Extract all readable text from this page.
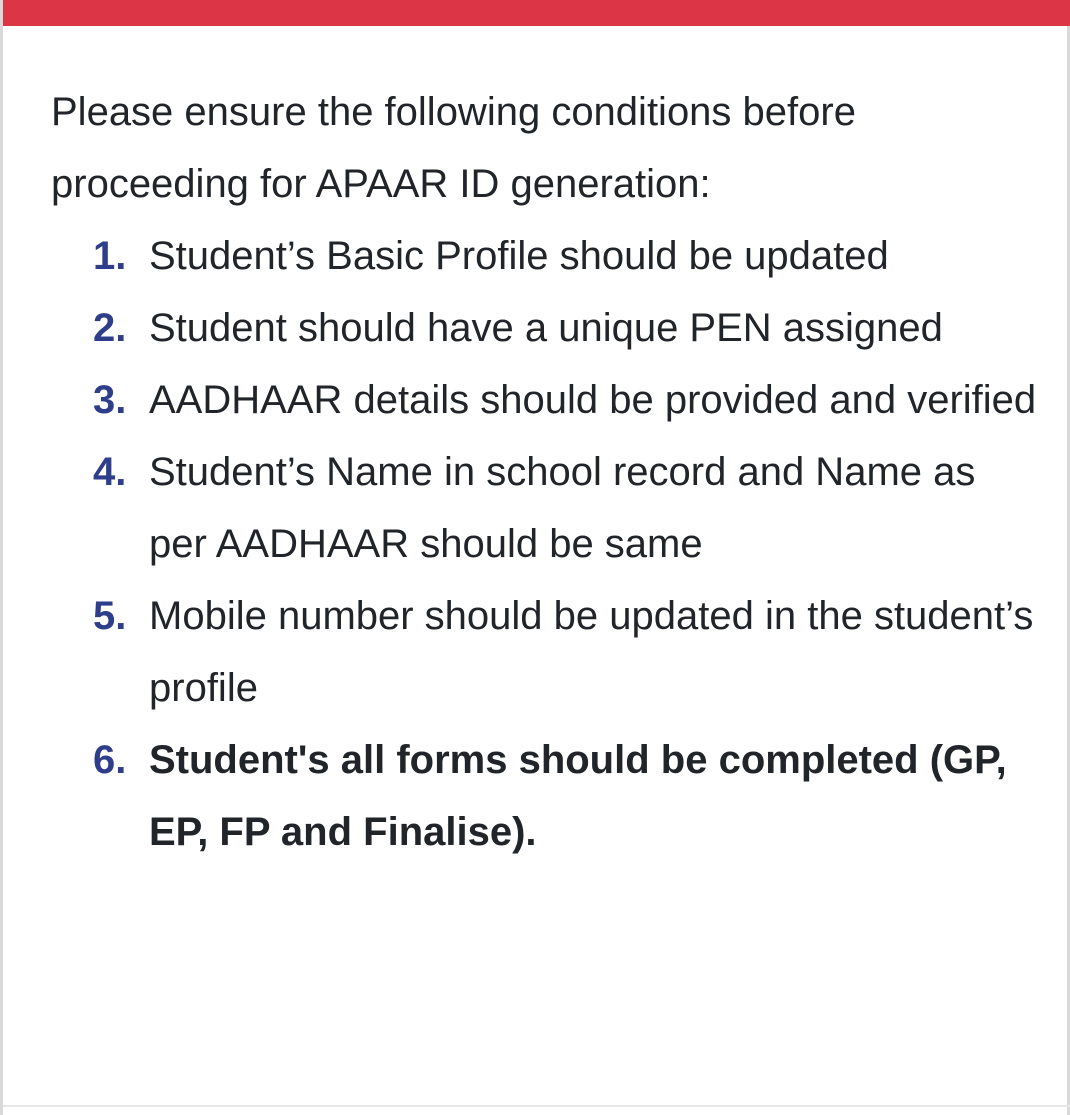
Please ensure the following conditions before proceeding for APAAR ID generation:

1. Student’s Basic Profile should be updated
2. Student should have a unique PEN assigned
3. AADHAAR details should be provided and verified
4. Student’s Name in school record and Name as per AADHAAR should be same
5. Mobile number should be updated in the student’s profile
6. Student's all forms should be completed (GP, EP, FP and Finalise).
